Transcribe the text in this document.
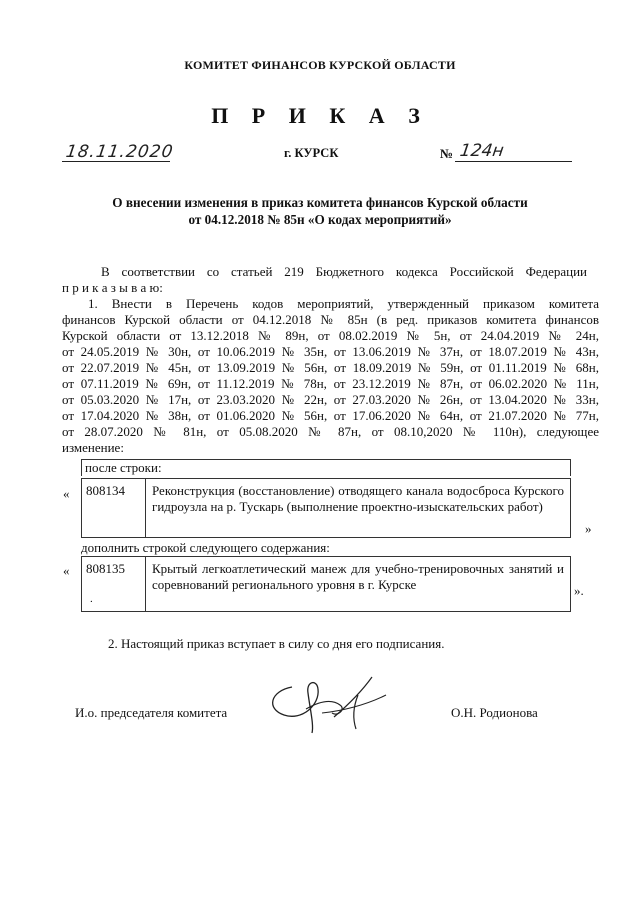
КОМИТЕТ ФИНАНСОВ КУРСКОЙ ОБЛАСТИ
П Р И К А З
18.11.2020	г. КУРСК	№ 124н
О внесении изменения в приказ комитета финансов Курской области
от 04.12.2018 № 85н «О кодах мероприятий»
В соответствии со статьей 219 Бюджетного кодекса Российской Федерации
п р и к а з ы в а ю:
1. Внести в Перечень кодов мероприятий, утвержденный приказом комитета
финансов Курской области от 04.12.2018 № 85н (в ред. приказов комитета финансов
Курской области от 13.12.2018 № 89н, от 08.02.2019 № 5н, от 24.04.2019 № 24н,
от 24.05.2019 № 30н, от 10.06.2019 № 35н, от 13.06.2019 № 37н, от 18.07.2019 № 43н,
от 22.07.2019 № 45н, от 13.09.2019 № 56н, от 18.09.2019 № 59н, от 01.11.2019 № 68н,
от 07.11.2019 № 69н, от 11.12.2019 № 78н, от 23.12.2019 № 87н, от 06.02.2020 № 11н,
от 05.03.2020 № 17н, от 23.03.2020 № 22н, от 27.03.2020 № 26н, от 13.04.2020 № 33н,
от 17.04.2020 № 38н, от 01.06.2020 № 56н, от 17.06.2020 № 64н, от 21.07.2020 № 77н,
от 28.07.2020 № 81н, от 05.08.2020 № 87н, от 08.10,2020 № 110н), следующее
изменение:
после строки:
«	808134	Реконструкция (восстановление) отводящего канала водосброса Курского гидроузла на р. Тускарь (выполнение проектно-изыскательских работ)
»
дополнить строкой следующего содержания:
«	808135	Крытый легкоатлетический манеж для учебно-тренировочных занятий и соревнований регионального уровня в г. Курске
.
».
2. Настоящий приказ вступает в силу со дня его подписания.
И.о. председателя комитета	О.Н. Родионова
